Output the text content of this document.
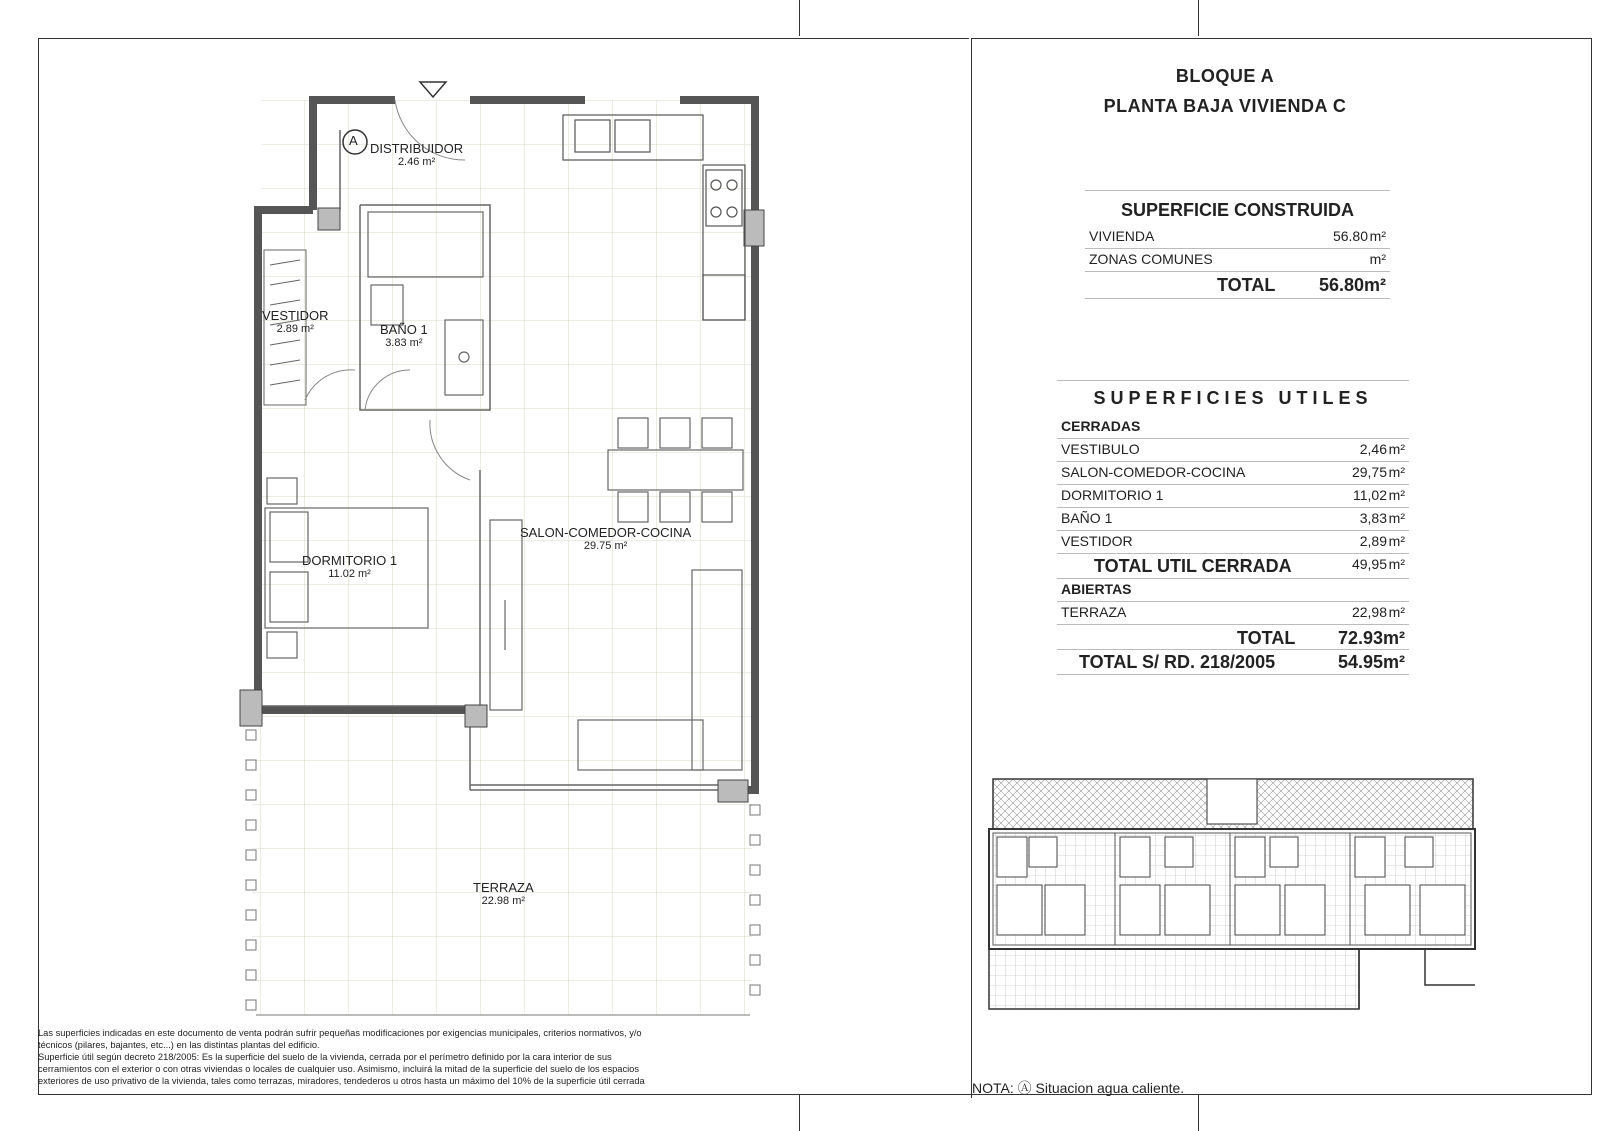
BLOQUE A
PLANTA BAJA VIVIENDA C
SUPERFICIE CONSTRUIDA
VIVIENDA	56.80 m²
ZONAS COMUNES	m²
TOTAL 56.80 m²
SUPERFICIES UTILES
CERRADAS
VESTIBULO	2,46 m²
SALON-COMEDOR-COCINA	29,75 m²
DORMITORIO 1	11,02 m²
BAÑO 1	3,83 m²
VESTIDOR	2,89 m²
TOTAL UTIL CERRADA	49,95 m²
ABIERTAS
TERRAZA	22,98 m²
TOTAL 72.93 m²
TOTAL S/ RD. 218/2005	54.95 m²
A
DISTRIBUIDOR
2.46 m²
VESTIDOR
2.89 m²	BAÑO 1
3.83 m²
DORMITORIO 1
11.02 m²
SALON-COMEDOR-COCINA
29.75 m²
TERRAZA
22.98 m²
Las superficies indicadas en este documento de venta podrán sufrir pequeñas modificaciones por exigencias municipales, criterios normativos, y/o
técnicos (pilares, bajantes, etc...) en las distintas plantas del edificio.
Superficie útil según decreto 218/2005: Es la superficie del suelo de la vivienda, cerrada por el perímetro definido por la cara interior de sus
cerramientos con el exterior o con otras viviendas o locales de cualquier uso. Asimismo, incluirá la mitad de la superficie del suelo de los espacios
exteriores de uso privativo de la vivienda, tales como terrazas, miradores, tendederos u otros hasta un máximo del 10% de la superficie útil cerrada	NOTA: Ⓐ Situacion agua caliente.
